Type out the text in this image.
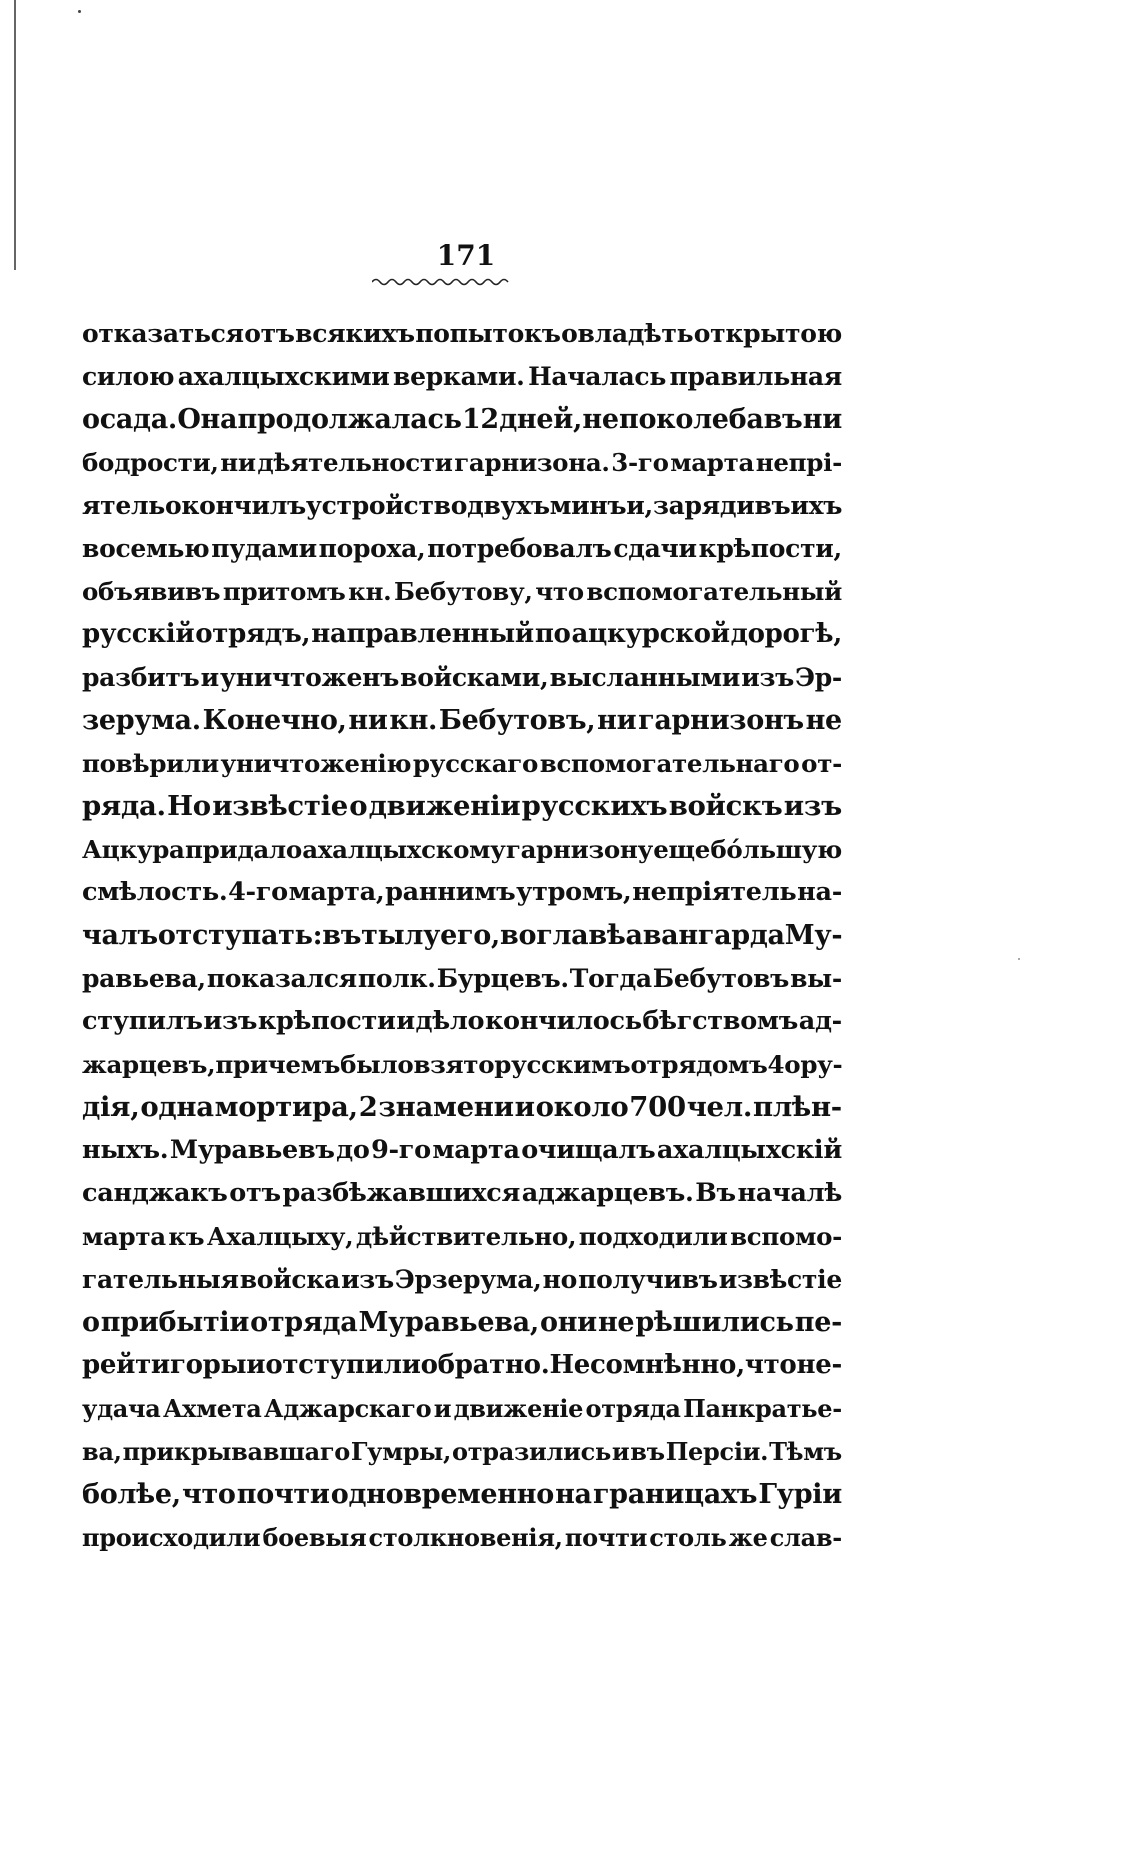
171
отказаться отъ всякихъ попытокъ овладѣть открытою
силою ахалцыхскими верками. Началась правильная
осада. Она продолжалась 12 дней, не поколебавъ ни
бодрости, ни дѣятельности гарнизона. 3-го марта непрі-
ятель окончилъ устройство двухъ минъ и, зарядивъ ихъ
восемью пудами пороха, потребовалъ сдачи крѣпости,
объявивъ притомъ кн. Бебутову, что вспомогательный
русскій отрядъ, направленный по ацкурской дорогѣ,
разбитъ и уничтоженъ войсками, высланными изъ Эр-
зерума. Конечно, ни кн. Бебутовъ, ни гарнизонъ не
повѣрили уничтоженію русскаго вспомогательнаго от-
ряда. Но извѣстіе о движеніи русскихъ войскъ изъ
Ацкура придало ахалцыхскому гарнизону еще бо́льшую
смѣлость. 4-го марта, раннимъ утромъ, непріятель на-
чалъ отступать: въ тылу его, во главѣ авангарда Му-
равьева, показался полк. Бурцевъ. Тогда Бебутовъ вы-
ступилъ изъ крѣпости и дѣло кончилось бѣгствомъ ад-
жарцевъ, причемъ было взято русскимъ отрядомъ 4 ору-
дія, одна мортира, 2 знамени и около 700 чел. плѣн-
ныхъ. Муравьевъ до 9-го марта очищалъ ахалцыхскій
санджакъ отъ разбѣжавшихся аджарцевъ. Въ началѣ
марта къ Ахалцыху, дѣйствительно, подходили вспомо-
гательныя войска изъ Эрзерума, но получивъ извѣстіе
о прибытіи отряда Муравьева, они не рѣшились пе-
рейти горы и отступили обратно. Несомнѣнно, что не-
удача Ахмета Аджарскаго и движеніе отряда Панкратье-
ва, прикрывавшаго Гумры, отразились и въ Персіи. Тѣмъ
болѣе, что почти одновременно на границахъ Гуріи
происходили боевыя столкновенія, почти столь же слав-
